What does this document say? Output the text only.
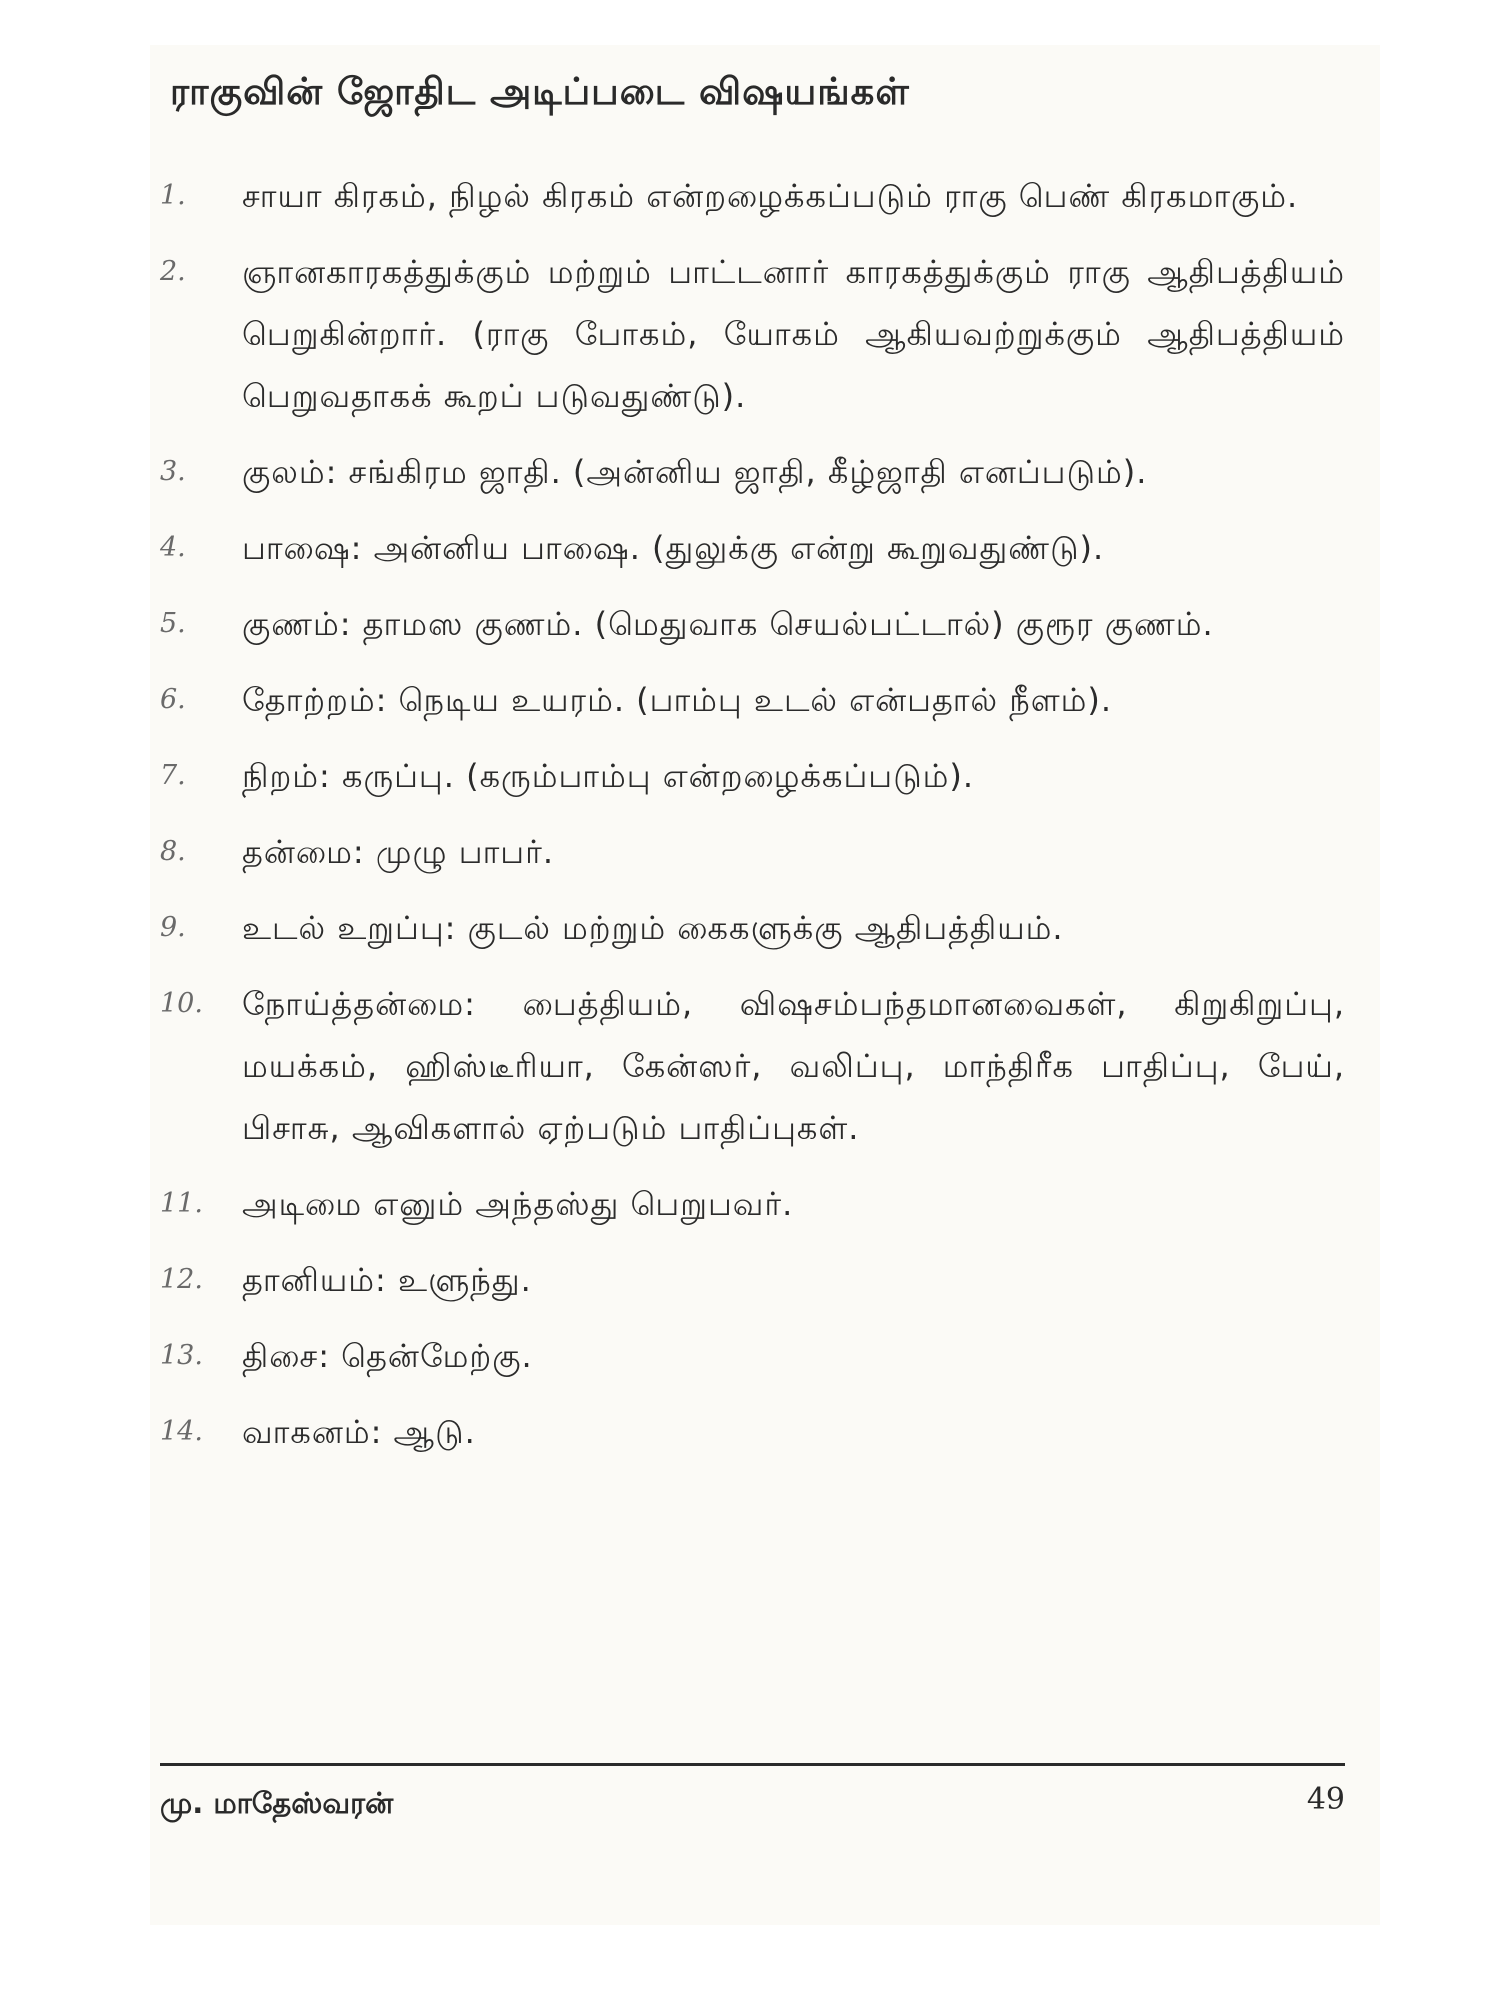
ராகுவின் ஜோதிட அடிப்படை விஷயங்கள்
1.	சாயா கிரகம், நிழல் கிரகம் என்றழைக்கப்படும் ராகு பெண் கிரகமாகும்.
2.	ஞானகாரகத்துக்கும் மற்றும் பாட்டனார் காரகத்துக்கும் ராகு ஆதிபத்தியம் பெறுகின்றார். (ராகு போகம், யோகம் ஆகியவற்றுக்கும் ஆதிபத்தியம் பெறுவதாகக் கூறப் படுவதுண்டு).
3.	குலம்: சங்கிரம ஜாதி. (அன்னிய ஜாதி, கீழ்ஜாதி எனப்படும்).
4.	பாஷை: அன்னிய பாஷை. (துலுக்கு என்று கூறுவதுண்டு).
5.	குணம்: தாமஸ குணம். (மெதுவாக செயல்பட்டால்) குரூர குணம்.
6.	தோற்றம்: நெடிய உயரம். (பாம்பு உடல் என்பதால் நீளம்).
7.	நிறம்: கருப்பு. (கரும்பாம்பு என்றழைக்கப்படும்).
8.	தன்மை: முழு பாபர்.
9.	உடல் உறுப்பு: குடல் மற்றும் கைகளுக்கு ஆதிபத்தியம்.
10.	நோய்த்தன்மை: பைத்தியம், விஷசம்பந்தமானவைகள், கிறுகிறுப்பு, மயக்கம், ஹிஸ்டீரியா, கேன்ஸர், வலிப்பு, மாந்திரீக பாதிப்பு, பேய், பிசாசு, ஆவிகளால் ஏற்படும் பாதிப்புகள்.
11.	அடிமை எனும் அந்தஸ்து பெறுபவர்.
12.	தானியம்: உளுந்து.
13.	திசை: தென்மேற்கு.
14.	வாகனம்: ஆடு.
மு. மாதேஸ்வரன்	49
